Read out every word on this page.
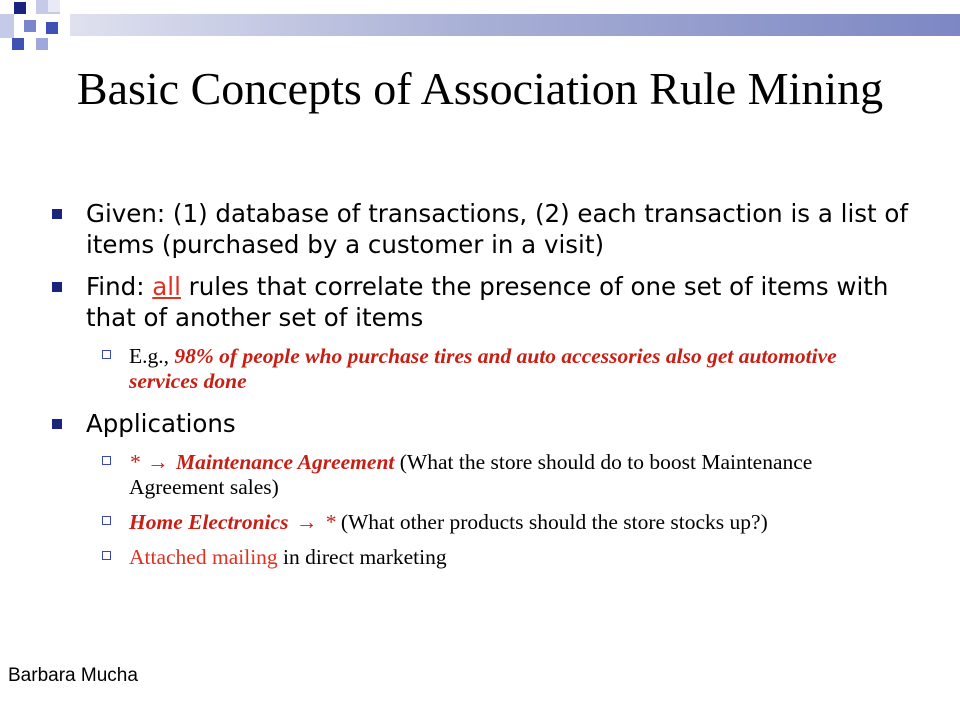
Basic Concepts of Association Rule Mining
Given: (1) database of transactions, (2) each transaction is a list of items (purchased by a customer in a visit)
Find: all rules that correlate the presence of one set of items with that of another set of items
E.g., 98% of people who purchase tires and auto accessories also get automotive services done
Applications
* → Maintenance Agreement (What the store should do to boost Maintenance Agreement sales)
Home Electronics → * (What other products should the store stocks up?)
Attached mailing in direct marketing
Barbara Mucha
